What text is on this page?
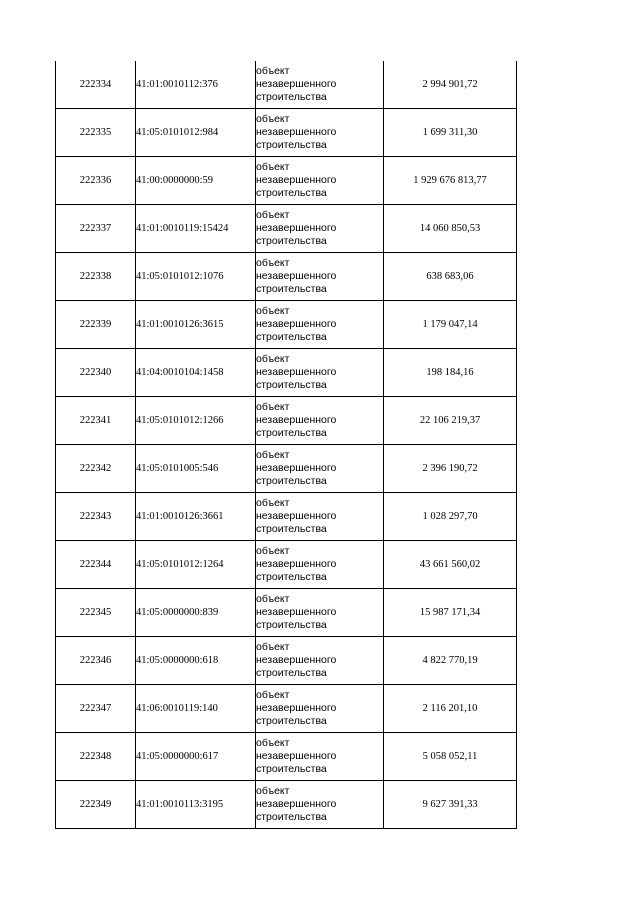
222334	41:01:0010112:376	объект
незавершенного
строительства	2 994 901,72
222335	41:05:0101012:984	объект
незавершенного
строительства	1 699 311,30
222336	41:00:0000000:59	объект
незавершенного
строительства	1 929 676 813,77
222337	41:01:0010119:15424	объект
незавершенного
строительства	14 060 850,53
222338	41:05:0101012:1076	объект
незавершенного
строительства	638 683,06
222339	41:01:0010126:3615	объект
незавершенного
строительства	1 179 047,14
222340	41:04:0010104:1458	объект
незавершенного
строительства	198 184,16
222341	41:05:0101012:1266	объект
незавершенного
строительства	22 106 219,37
222342	41:05:0101005:546	объект
незавершенного
строительства	2 396 190,72
222343	41:01:0010126:3661	объект
незавершенного
строительства	1 028 297,70
222344	41:05:0101012:1264	объект
незавершенного
строительства	43 661 560,02
222345	41:05:0000000:839	объект
незавершенного
строительства	15 987 171,34
222346	41:05:0000000:618	объект
незавершенного
строительства	4 822 770,19
222347	41:06:0010119:140	объект
незавершенного
строительства	2 116 201,10
222348	41:05:0000000:617	объект
незавершенного
строительства	5 058 052,11
222349	41:01:0010113:3195	объект
незавершенного
строительства	9 627 391,33
